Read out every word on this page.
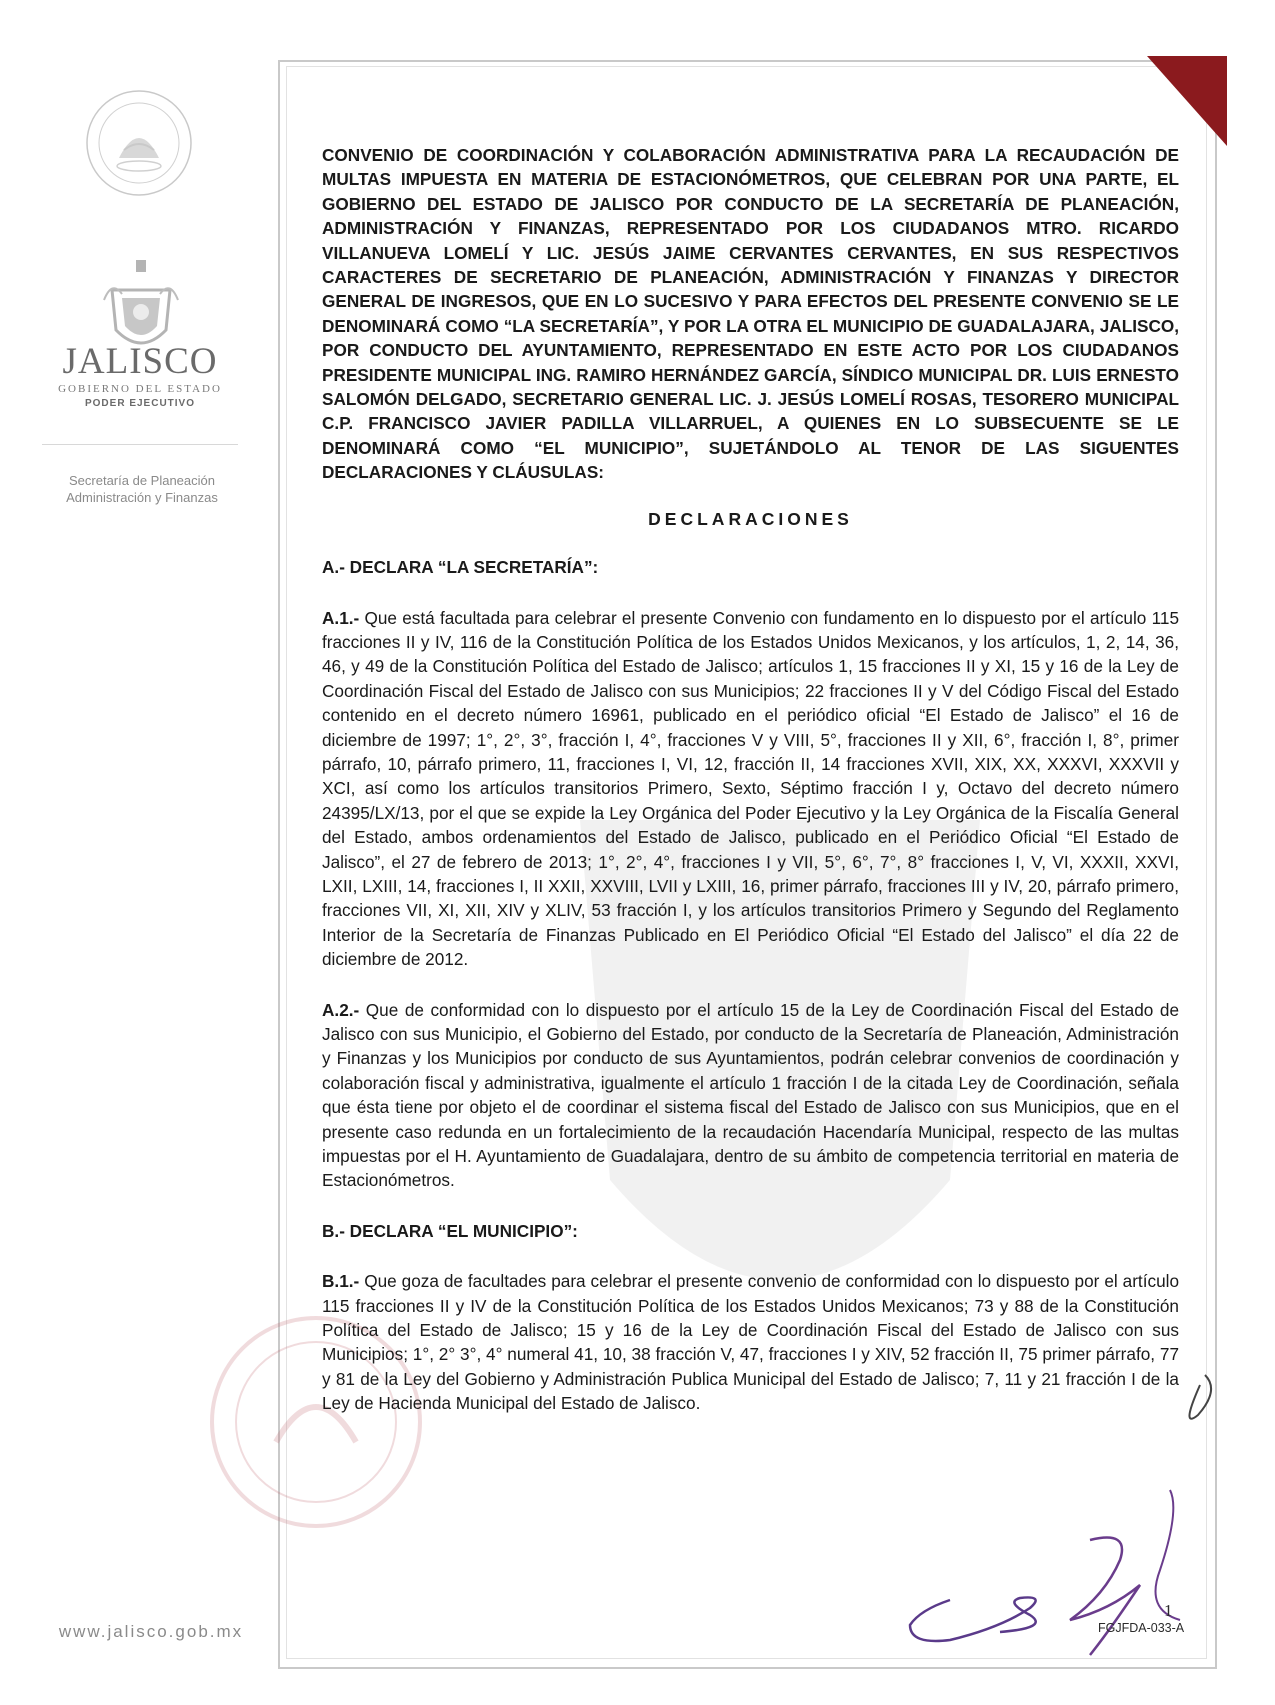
JALISCO
GOBIERNO DEL ESTADO
PODER EJECUTIVO
Secretaría de Planeación
Administración y Finanzas
www.jalisco.gob.mx
CONVENIO DE COORDINACIÓN Y COLABORACIÓN ADMINISTRATIVA PARA LA RECAUDACIÓN DE MULTAS IMPUESTA EN MATERIA DE ESTACIONÓMETROS, QUE CELEBRAN POR UNA PARTE, EL GOBIERNO DEL ESTADO DE JALISCO POR CONDUCTO DE LA SECRETARÍA DE PLANEACIÓN, ADMINISTRACIÓN Y FINANZAS, REPRESENTADO POR LOS CIUDADANOS MTRO. RICARDO VILLANUEVA LOMELÍ Y LIC. JESÚS JAIME CERVANTES CERVANTES, EN SUS RESPECTIVOS CARACTERES DE SECRETARIO DE PLANEACIÓN, ADMINISTRACIÓN Y FINANZAS Y DIRECTOR GENERAL DE INGRESOS, QUE EN LO SUCESIVO Y PARA EFECTOS DEL PRESENTE CONVENIO SE LE DENOMINARÁ COMO “LA SECRETARÍA”, Y POR LA OTRA EL MUNICIPIO DE GUADALAJARA, JALISCO, POR CONDUCTO DEL AYUNTAMIENTO, REPRESENTADO EN ESTE ACTO POR LOS CIUDADANOS PRESIDENTE MUNICIPAL ING. RAMIRO HERNÁNDEZ GARCÍA, SÍNDICO MUNICIPAL DR. LUIS ERNESTO SALOMÓN DELGADO, SECRETARIO GENERAL LIC. J. JESÚS LOMELÍ ROSAS, TESORERO MUNICIPAL C.P. FRANCISCO JAVIER PADILLA VILLARRUEL, A QUIENES EN LO SUBSECUENTE SE LE DENOMINARÁ COMO “EL MUNICIPIO”, SUJETÁNDOLO AL TENOR DE LAS SIGUENTES DECLARACIONES Y CLÁUSULAS:
DECLARACIONES
A.- DECLARA “LA SECRETARÍA”:
A.1.- Que está facultada para celebrar el presente Convenio con fundamento en lo dispuesto por el artículo 115 fracciones II y IV, 116 de la Constitución Política de los Estados Unidos Mexicanos, y los artículos, 1, 2, 14, 36, 46, y 49 de la Constitución Política del Estado de Jalisco; artículos 1, 15 fracciones II y XI, 15 y 16 de la Ley de Coordinación Fiscal del Estado de Jalisco con sus Municipios; 22 fracciones II y V del Código Fiscal del Estado contenido en el decreto número 16961, publicado en el periódico oficial “El Estado de Jalisco” el 16 de diciembre de 1997; 1°, 2°, 3°, fracción I, 4°, fracciones V y VIII, 5°, fracciones II y XII, 6°, fracción I, 8°, primer párrafo, 10, párrafo primero, 11, fracciones I, VI, 12, fracción II, 14 fracciones XVII, XIX, XX, XXXVI, XXXVII y XCI, así como los artículos transitorios Primero, Sexto, Séptimo fracción I y, Octavo del decreto número 24395/LX/13, por el que se expide la Ley Orgánica del Poder Ejecutivo y la Ley Orgánica de la Fiscalía General del Estado, ambos ordenamientos del Estado de Jalisco, publicado en el Periódico Oficial “El Estado de Jalisco”, el 27 de febrero de 2013; 1°, 2°, 4°, fracciones I y VII, 5°, 6°, 7°, 8° fracciones I, V, VI, XXXII, XXVI, LXII, LXIII, 14, fracciones I, II XXII, XXVIII, LVII y LXIII, 16, primer párrafo, fracciones III y IV, 20, párrafo primero, fracciones VII, XI, XII, XIV y XLIV, 53 fracción I, y los artículos transitorios Primero y Segundo del Reglamento Interior de la Secretaría de Finanzas Publicado en El Periódico Oficial “El Estado del Jalisco” el día 22 de diciembre de 2012.
A.2.- Que de conformidad con lo dispuesto por el artículo 15 de la Ley de Coordinación Fiscal del Estado de Jalisco con sus Municipio, el Gobierno del Estado, por conducto de la Secretaría de Planeación, Administración y Finanzas y los Municipios por conducto de sus Ayuntamientos, podrán celebrar convenios de coordinación y colaboración fiscal y administrativa, igualmente el artículo 1 fracción I de la citada Ley de Coordinación, señala que ésta tiene por objeto el de coordinar el sistema fiscal del Estado de Jalisco con sus Municipios, que en el presente caso redunda en un fortalecimiento de la recaudación Hacendaría Municipal, respecto de las multas impuestas por el H. Ayuntamiento de Guadalajara, dentro de su ámbito de competencia territorial en materia de Estacionómetros.
B.- DECLARA “EL MUNICIPIO”:
B.1.- Que goza de facultades para celebrar el presente convenio de conformidad con lo dispuesto por el artículo 115 fracciones II y IV de la Constitución Política de los Estados Unidos Mexicanos; 73 y 88 de la Constitución Política del Estado de Jalisco; 15 y 16 de la Ley de Coordinación Fiscal del Estado de Jalisco con sus Municipios; 1°, 2° 3°, 4° numeral 41, 10, 38 fracción V, 47, fracciones I y XIV, 52 fracción II, 75 primer párrafo, 77 y 81 de la Ley del Gobierno y Administración Publica Municipal del Estado de Jalisco; 7, 11 y 21 fracción I de la Ley de Hacienda Municipal del Estado de Jalisco.
1
FGJFDA-033-A
